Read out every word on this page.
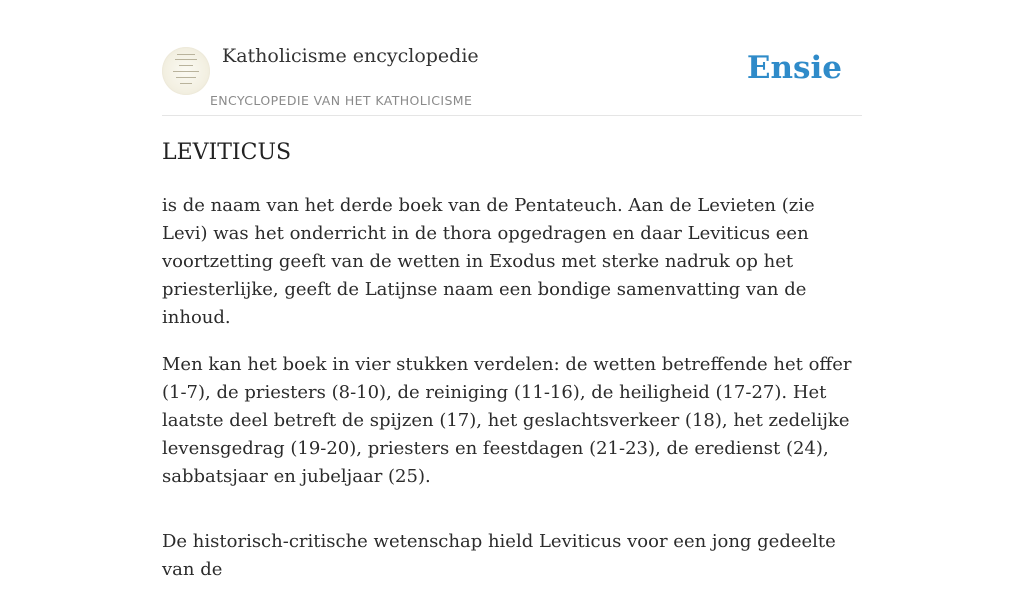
Katholicisme encyclopedie
ENCYCLOPEDIE VAN HET KATHOLICISME
Ensie
LEVITICUS

is de naam van het derde boek van de Pentateuch. Aan de Levieten (zie Levi) was het onderricht in de thora opgedragen en daar Leviticus een voortzetting geeft van de wetten in Exodus met sterke nadruk op het priesterlijke, geeft de Latijnse naam een bondige samenvatting van de inhoud.

Men kan het boek in vier stukken verdelen: de wetten betreffende het offer (1-7), de priesters (8-10), de reiniging (11-16), de heiligheid (17-27). Het laatste deel betreft de spijzen (17), het geslachtsverkeer (18), het zedelijke levensgedrag (19-20), priesters en feestdagen (21-23), de eredienst (24), sabbatsjaar en jubeljaar (25).

De historisch-critische wetenschap hield Leviticus voor een jong gedeelte van de
